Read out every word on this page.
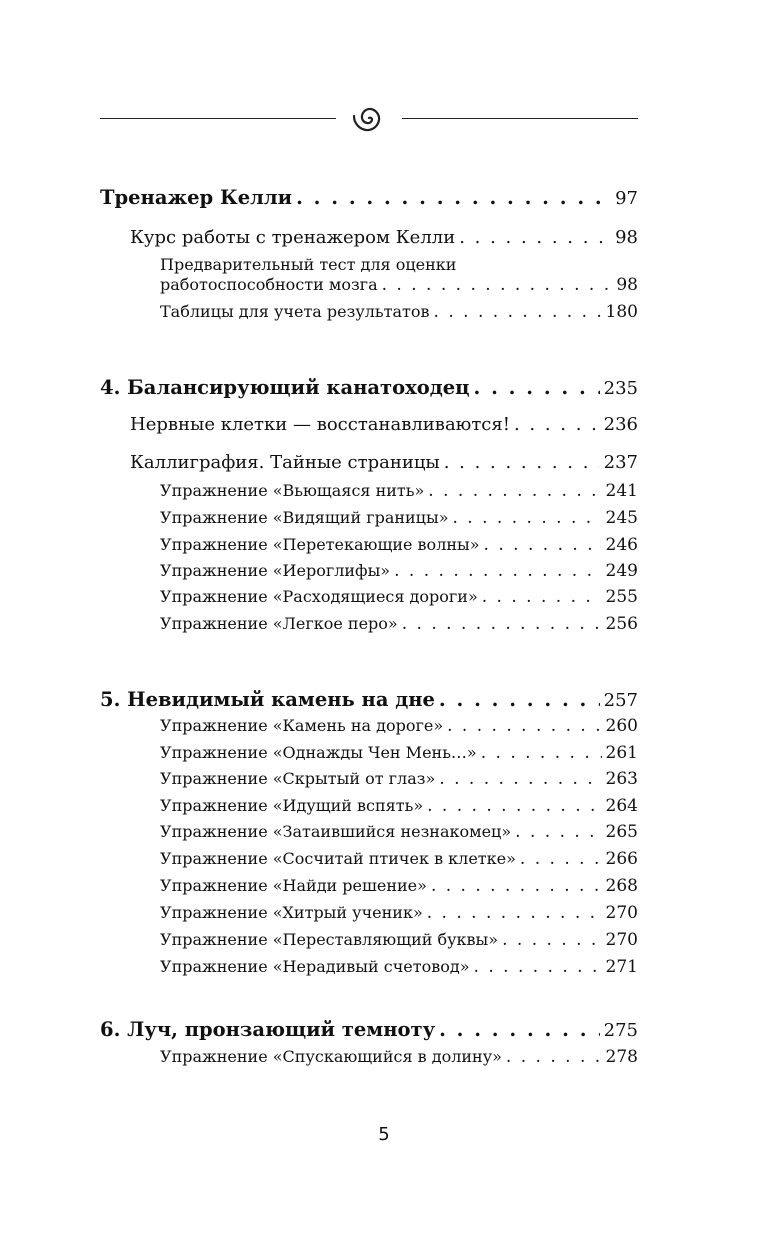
Тренажер Келли . . .	97
Курс работы с тренажером Келли . . .	98
Предварительный тест для оценки
работоспособности мозга . . .	98
Таблицы для учета результатов . . .	180
4. Балансирующий канатоходец . . .	235
Нервные клетки — восстанавливаются! . . .	236
Каллиграфия. Тайные страницы . . .	237
Упражнение «Вьющаяся нить» . . .	241
Упражнение «Видящий границы» . . .	245
Упражнение «Перетекающие волны» . . .	246
Упражнение «Иероглифы» . . .	249
Упражнение «Расходящиеся дороги» . . .	255
Упражнение «Легкое перо» . . .	256
5. Невидимый камень на дне . . .	257
Упражнение «Камень на дороге» . . .	260
Упражнение «Однажды Чен Мень…» . . .	261
Упражнение «Скрытый от глаз» . . .	263
Упражнение «Идущий вспять» . . .	264
Упражнение «Затаившийся незнакомец» . . .	265
Упражнение «Сосчитай птичек в клетке» . . .	266
Упражнение «Найди решение» . . .	268
Упражнение «Хитрый ученик» . . .	270
Упражнение «Переставляющий буквы» . . .	270
Упражнение «Нерадивый счетовод» . . .	271
6. Луч, пронзающий темноту . . .	275
Упражнение «Спускающийся в долину» . . .	278
5
